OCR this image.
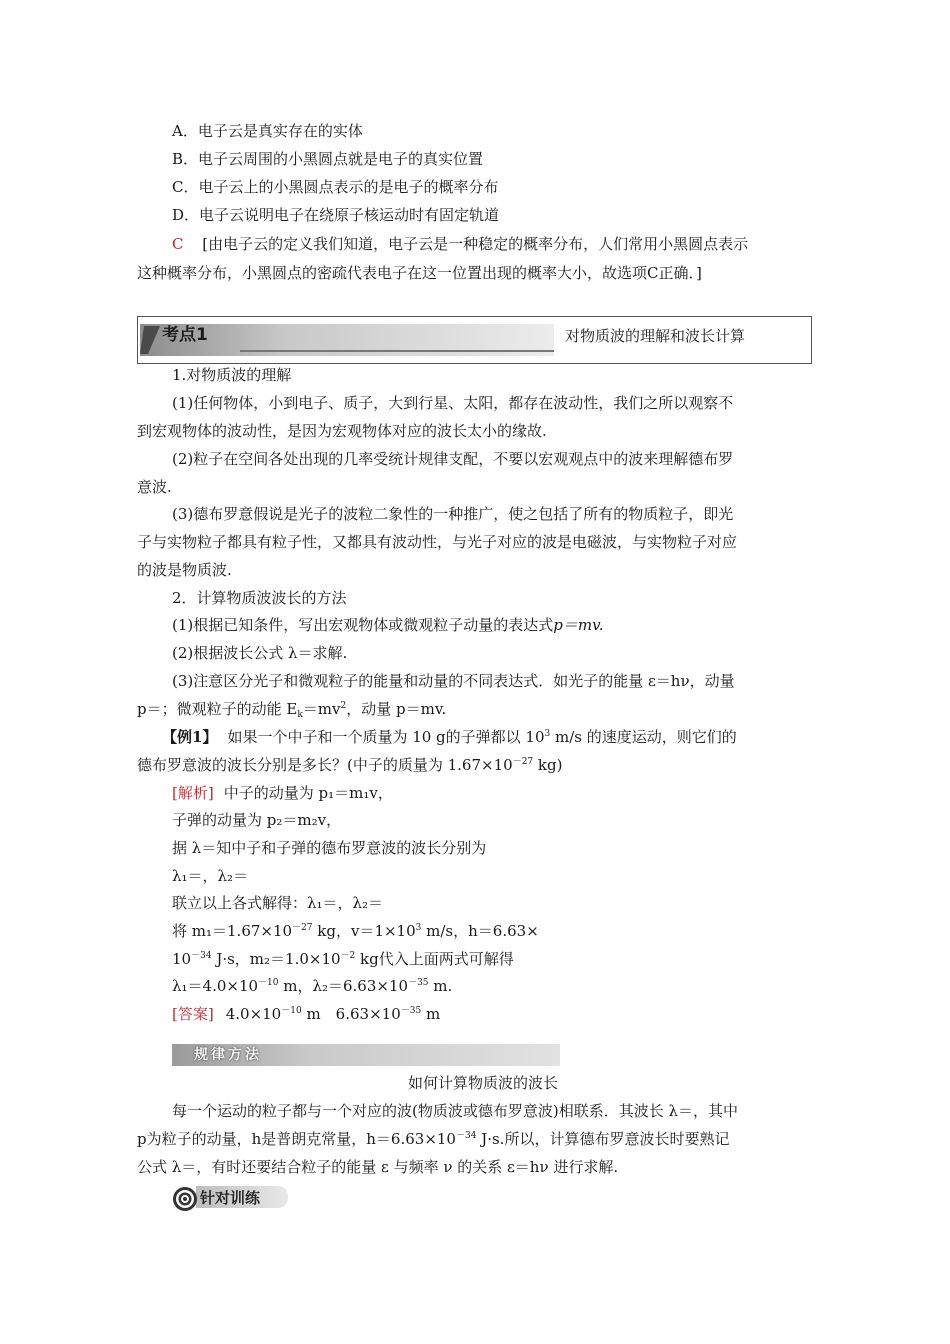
A．电子云是真实存在的实体
B．电子云周围的小黑圆点就是电子的真实位置
C．电子云上的小黑圆点表示的是电子的概率分布
D．电子云说明电子在绕原子核运动时有固定轨道
C [由电子云的定义我们知道，电子云是一种稳定的概率分布，人们常用小黑圆点表示
这种概率分布，小黑圆点的密疏代表电子在这一位置出现的概率大小，故选项C正确．]
考点1	对物质波的理解和波长计算
1.对物质波的理解
(1)任何物体，小到电子、质子，大到行星、太阳，都存在波动性，我们之所以观察不
到宏观物体的波动性，是因为宏观物体对应的波长太小的缘故.
(2)粒子在空间各处出现的几率受统计规律支配，不要以宏观观点中的波来理解德布罗
意波.
(3)德布罗意假说是光子的波粒二象性的一种推广，使之包括了所有的物质粒子，即光
子与实物粒子都具有粒子性，又都具有波动性，与光子对应的波是电磁波，与实物粒子对应
的波是物质波.
2．计算物质波波长的方法
(1)根据已知条件，写出宏观物体或微观粒子动量的表达式p＝mv.
(2)根据波长公式 λ＝求解.
(3)注意区分光子和微观粒子的能量和动量的不同表达式．如光子的能量 ε＝hν，动量
p＝；微观粒子的动能 $E_k=mv^2$，动量 p＝mv.
【例1】 如果一个中子和一个质量为 10 g的子弹都以 $10^3$ m/s 的速度运动，则它们的
德布罗意波的波长分别是多长？(中子的质量为 $1.67\times 10^{-27}$ kg)
[解析] 中子的动量为 p₁＝m₁v，
子弹的动量为 p₂＝m₂v，
据 λ＝知中子和子弹的德布罗意波的波长分别为
λ₁＝，λ₂＝
联立以上各式解得：λ₁＝，λ₂＝
将 $m_1=1.67\times 10^{-27}$ kg，$v=1\times 10^3$ m/s，h＝6.63×
$10^{-34}$ J·s，$m_2=1.0\times 10^{-2}$ kg代入上面两式可解得
$\lambda_1=4.0\times 10^{-10}$ m，$\lambda_2=6.63\times 10^{-35}$ m.
[答案] $4.0\times 10^{-10}$ m　$6.63\times 10^{-35}$ m
规律方法
如何计算物质波的波长
每一个运动的粒子都与一个对应的波(物质波或德布罗意波)相联系．其波长 λ＝，其中
p为粒子的动量，h是普朗克常量，$h=6.63\times 10^{-34}$ J·s.所以，计算德布罗意波长时要熟记
公式 λ＝，有时还要结合粒子的能量 ε 与频率 ν 的关系 ε＝hν 进行求解.
针对训练
